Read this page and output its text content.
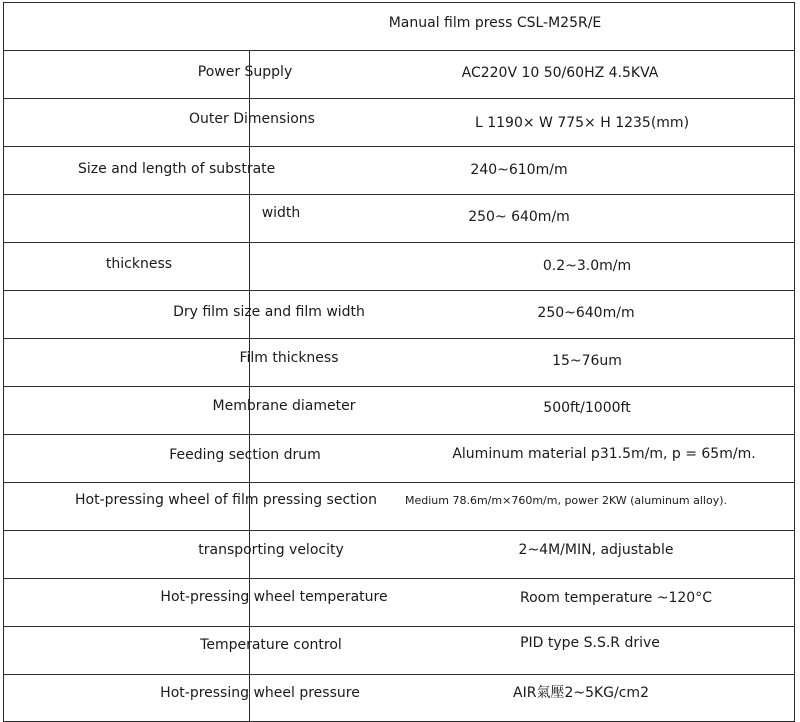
Manual film press CSL-M25R/E
Power Supply	AC220V 10 50/60HZ 4.5KVA
Outer Dimensions	L 1190× W 775× H 1235(mm)
Size and length of substrate	240~610m/m
width	250~ 640m/m
thickness	0.2~3.0m/m
Dry film size and film width	250~640m/m
Film thickness	15~76um
Membrane diameter	500ft/1000ft
Feeding section drum	Aluminum material p31.5m/m, p = 65m/m.
Hot-pressing wheel of film pressing section	Medium 78.6m/m×760m/m, power 2KW (aluminum alloy).
transporting velocity	2~4M/MIN, adjustable
Hot-pressing wheel temperature	Room temperature ~120°C
Temperature control	PID type S.S.R drive
Hot-pressing wheel pressure	AIR氣壓2~5KG/cm2
